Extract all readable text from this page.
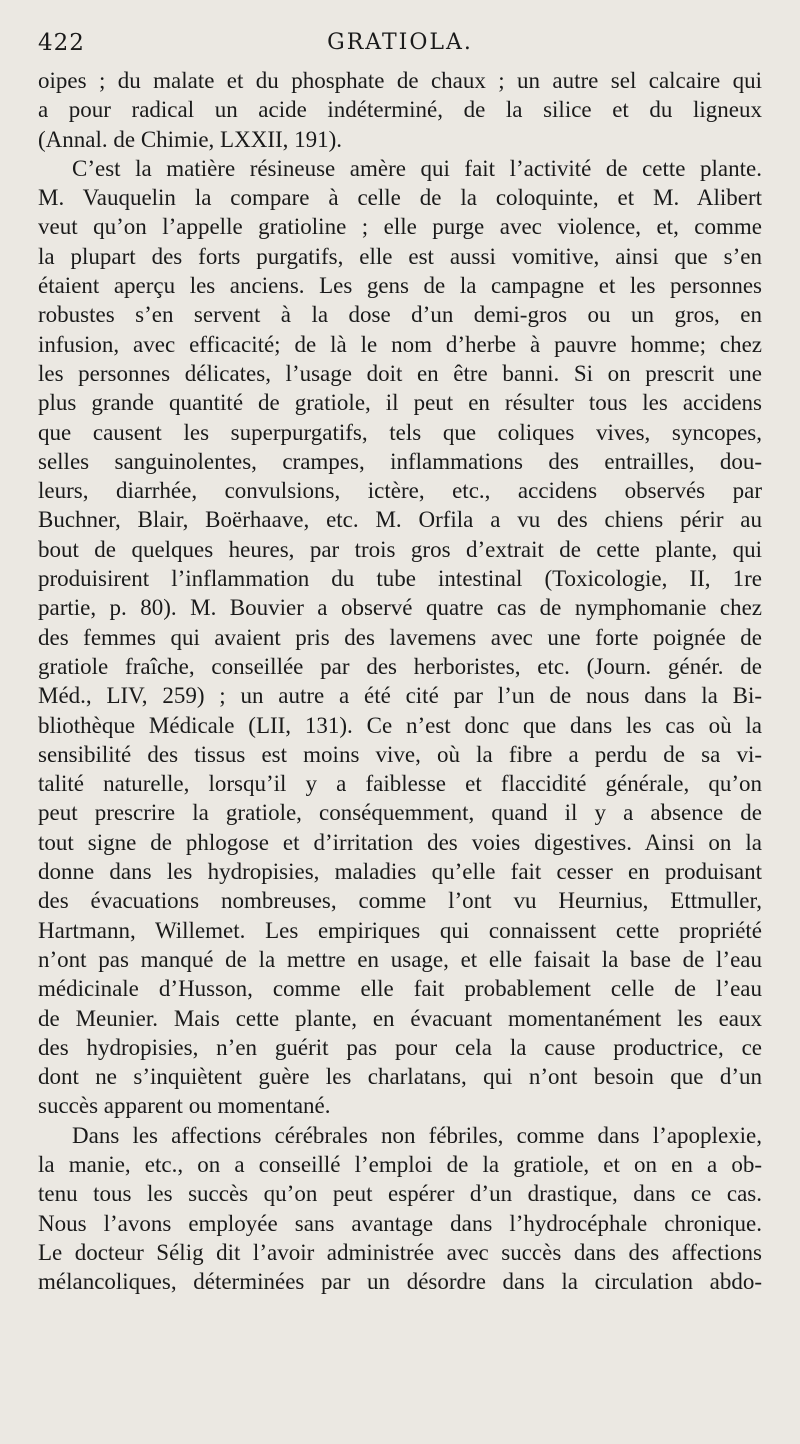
422	GRATIOLA.
oipes ; du malate et du phosphate de chaux ; un autre sel calcaire qui
a pour radical un acide indéterminé, de la silice et du ligneux
(Annal. de Chimie, LXXII, 191).
C’est la matière résineuse amère qui fait l’activité de cette plante.
M. Vauquelin la compare à celle de la coloquinte, et M. Alibert
veut qu’on l’appelle gratioline ; elle purge avec violence, et, comme
la plupart des forts purgatifs, elle est aussi vomitive, ainsi que s’en
étaient aperçu les anciens. Les gens de la campagne et les personnes
robustes s’en servent à la dose d’un demi-gros ou un gros, en
infusion, avec efficacité; de là le nom d’herbe à pauvre homme; chez
les personnes délicates, l’usage doit en être banni. Si on prescrit une
plus grande quantité de gratiole, il peut en résulter tous les accidens
que causent les superpurgatifs, tels que coliques vives, syncopes,
selles sanguinolentes, crampes, inflammations des entrailles, dou-
leurs, diarrhée, convulsions, ictère, etc., accidens observés par
Buchner, Blair, Boërhaave, etc. M. Orfila a vu des chiens périr au
bout de quelques heures, par trois gros d’extrait de cette plante, qui
produisirent l’inflammation du tube intestinal (Toxicologie, II, 1re
partie, p. 80). M. Bouvier a observé quatre cas de nymphomanie chez
des femmes qui avaient pris des lavemens avec une forte poignée de
gratiole fraîche, conseillée par des herboristes, etc. (Journ. génér. de
Méd., LIV, 259) ; un autre a été cité par l’un de nous dans la Bi-
bliothèque Médicale (LII, 131). Ce n’est donc que dans les cas où la
sensibilité des tissus est moins vive, où la fibre a perdu de sa vi-
talité naturelle, lorsqu’il y a faiblesse et flaccidité générale, qu’on
peut prescrire la gratiole, conséquemment, quand il y a absence de
tout signe de phlogose et d’irritation des voies digestives. Ainsi on la
donne dans les hydropisies, maladies qu’elle fait cesser en produisant
des évacuations nombreuses, comme l’ont vu Heurnius, Ettmuller,
Hartmann, Willemet. Les empiriques qui connaissent cette propriété
n’ont pas manqué de la mettre en usage, et elle faisait la base de l’eau
médicinale d’Husson, comme elle fait probablement celle de l’eau
de Meunier. Mais cette plante, en évacuant momentanément les eaux
des hydropisies, n’en guérit pas pour cela la cause productrice, ce
dont ne s’inquiètent guère les charlatans, qui n’ont besoin que d’un
succès apparent ou momentané.
Dans les affections cérébrales non fébriles, comme dans l’apoplexie,
la manie, etc., on a conseillé l’emploi de la gratiole, et on en a ob-
tenu tous les succès qu’on peut espérer d’un drastique, dans ce cas.
Nous l’avons employée sans avantage dans l’hydrocéphale chronique.
Le docteur Sélig dit l’avoir administrée avec succès dans des affections
mélancoliques, déterminées par un désordre dans la circulation abdo-
